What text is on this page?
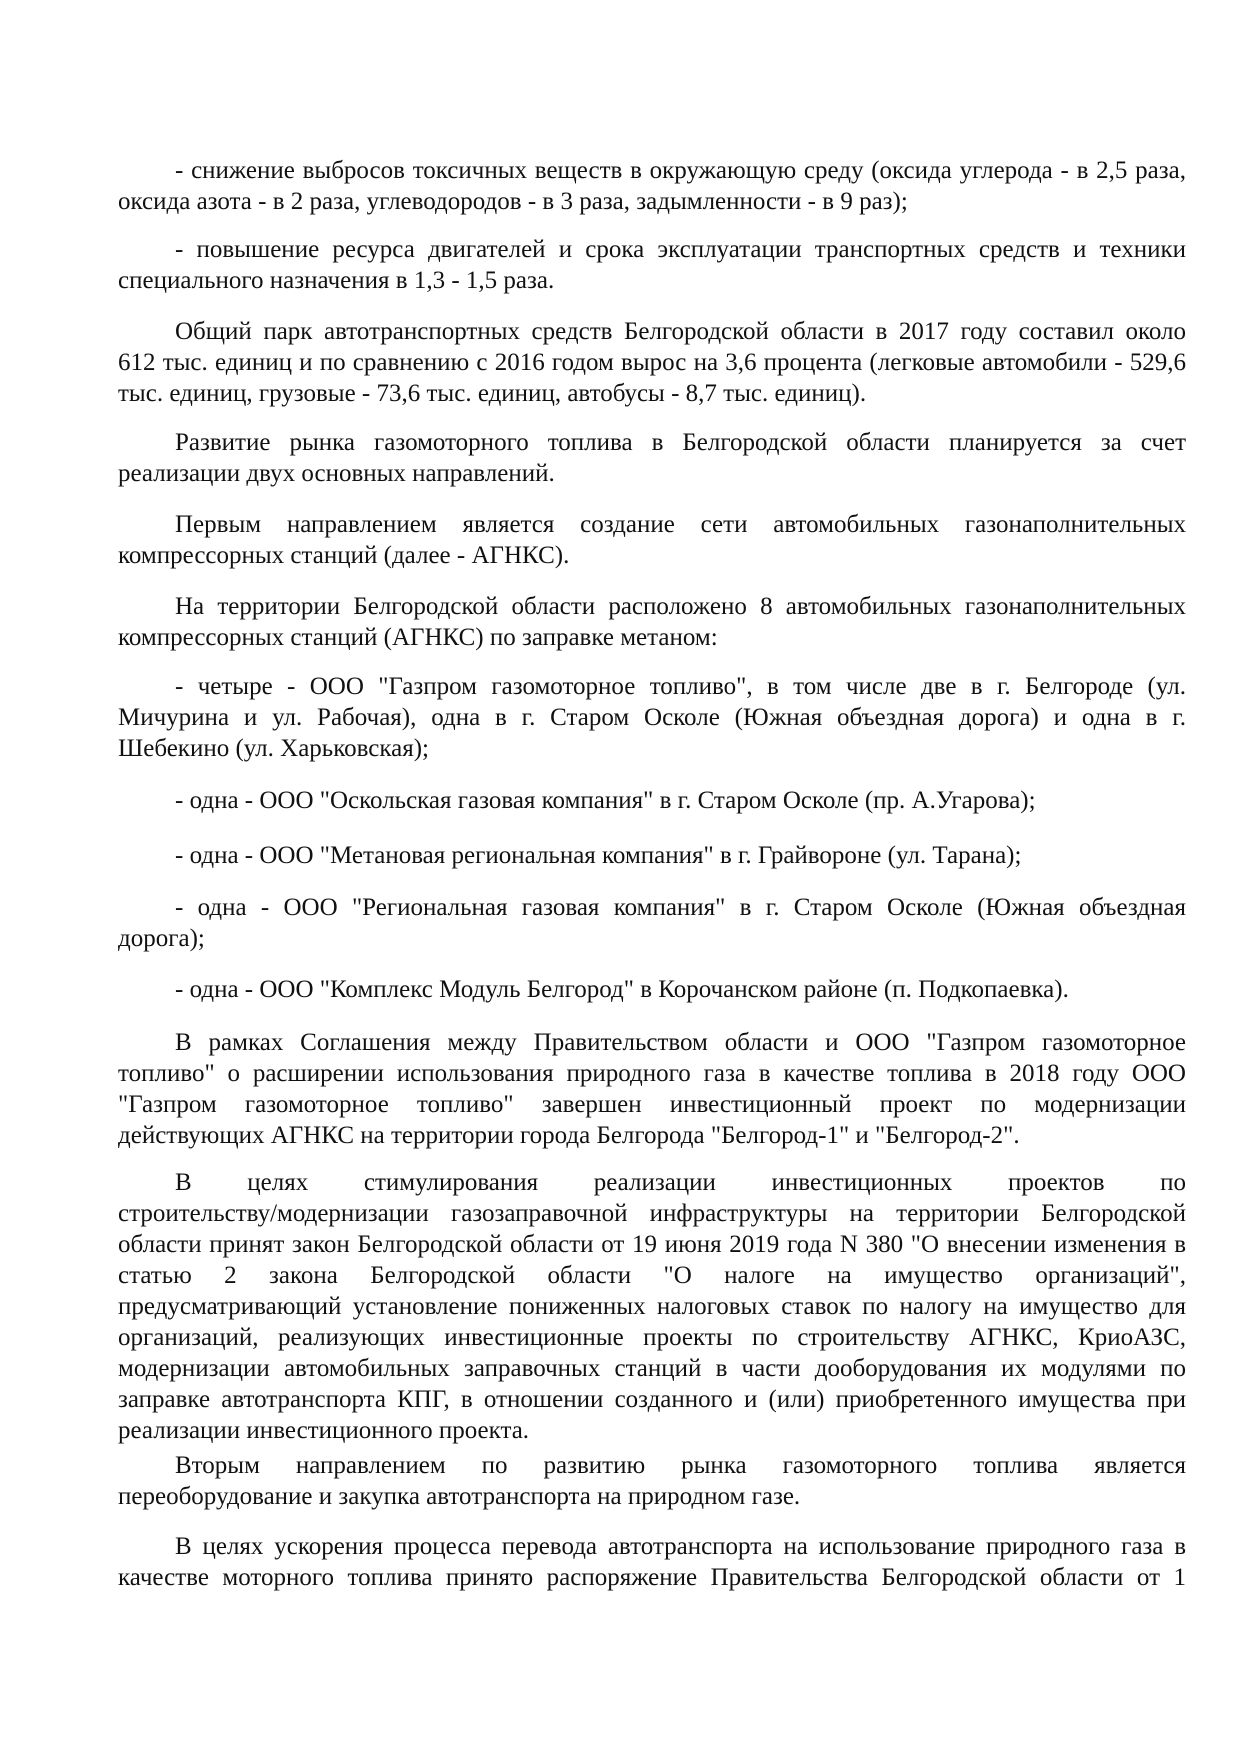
- снижение выбросов токсичных веществ в окружающую среду (оксида углерода - в 2,5 раза,
оксида азота - в 2 раза, углеводородов - в 3 раза, задымленности - в 9 раз);
- повышение ресурса двигателей и срока эксплуатации транспортных средств и техники
специального назначения в 1,3 - 1,5 раза.
Общий парк автотранспортных средств Белгородской области в 2017 году составил около
612 тыс. единиц и по сравнению с 2016 годом вырос на 3,6 процента (легковые автомобили - 529,6
тыс. единиц, грузовые - 73,6 тыс. единиц, автобусы - 8,7 тыс. единиц).
Развитие рынка газомоторного топлива в Белгородской области планируется за счет
реализации двух основных направлений.
Первым направлением является создание сети автомобильных газонаполнительных
компрессорных станций (далее - АГНКС).
На территории Белгородской области расположено 8 автомобильных газонаполнительных
компрессорных станций (АГНКС) по заправке метаном:
- четыре - ООО "Газпром газомоторное топливо", в том числе две в г. Белгороде (ул.
Мичурина и ул. Рабочая), одна в г. Старом Осколе (Южная объездная дорога) и одна в г.
Шебекино (ул. Харьковская);
- одна - ООО "Оскольская газовая компания" в г. Старом Осколе (пр. А.Угарова);
- одна - ООО "Метановая региональная компания" в г. Грайвороне (ул. Тарана);
- одна - ООО "Региональная газовая компания" в г. Старом Осколе (Южная объездная
дорога);
- одна - ООО "Комплекс Модуль Белгород" в Корочанском районе (п. Подкопаевка).
В рамках Соглашения между Правительством области и ООО "Газпром газомоторное
топливо" о расширении использования природного газа в качестве топлива в 2018 году ООО
"Газпром газомоторное топливо" завершен инвестиционный проект по модернизации
действующих АГНКС на территории города Белгорода "Белгород-1" и "Белгород-2".
В целях стимулирования реализации инвестиционных проектов по
строительству/модернизации газозаправочной инфраструктуры на территории Белгородской
области принят закон Белгородской области от 19 июня 2019 года N 380 "О внесении изменения в
статью 2 закона Белгородской области "О налоге на имущество организаций",
предусматривающий установление пониженных налоговых ставок по налогу на имущество для
организаций, реализующих инвестиционные проекты по строительству АГНКС, КриоАЗС,
модернизации автомобильных заправочных станций в части дооборудования их модулями по
заправке автотранспорта КПГ, в отношении созданного и (или) приобретенного имущества при
реализации инвестиционного проекта.
Вторым направлением по развитию рынка газомоторного топлива является
переоборудование и закупка автотранспорта на природном газе.
В целях ускорения процесса перевода автотранспорта на использование природного газа в
качестве моторного топлива принято распоряжение Правительства Белгородской области от 1
